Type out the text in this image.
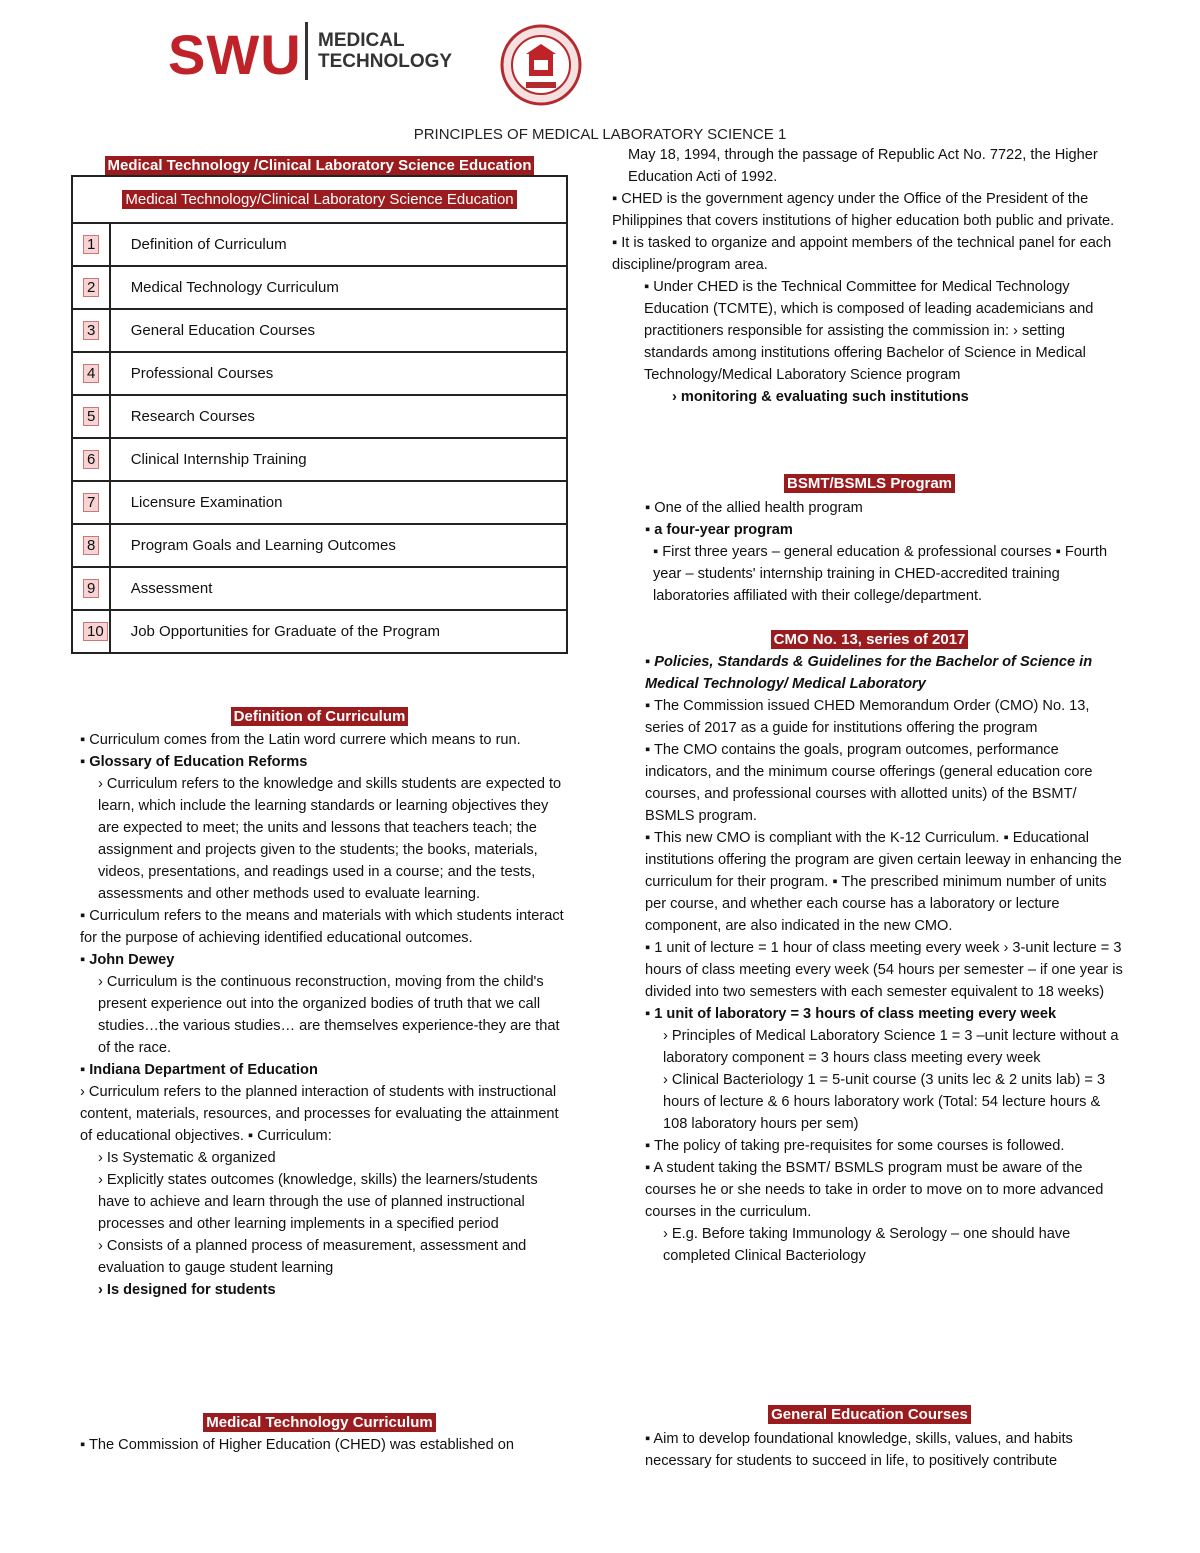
SWU MEDICAL
TECHNOLOGY
PRINCIPLES OF MEDICAL LABORATORY SCIENCE 1
Medical Technology /Clinical Laboratory Science Education
Medical Technology/Clinical Laboratory Science Education	
1	Definition of Curriculum
2	Medical Technology Curriculum
3	General Education Courses
4	Professional Courses
5	Research Courses
6	Clinical Internship Training
7	Licensure Examination
8	Program Goals and Learning Outcomes
9	Assessment
10	Job Opportunities for Graduate of the Program
Definition of Curriculum

▪ Curriculum comes from the Latin word currere which means to run.

▪ Glossary of Education Reforms

› Curriculum refers to the knowledge and skills students are expected to learn, which include the learning standards or learning objectives they are expected to meet; the units and lessons that teachers teach; the assignment and projects given to the students; the books, materials, videos, presentations, and readings used in a course; and the tests, assessments and other methods used to evaluate learning.

▪ Curriculum refers to the means and materials with which students interact for the purpose of achieving identified educational outcomes.

▪ John Dewey

› Curriculum is the continuous reconstruction, moving from the child's present experience out into the organized bodies of truth that we call studies…the various studies… are themselves experience-they are that of the race.

▪ Indiana Department of Education

› Curriculum refers to the planned interaction of students with instructional content, materials, resources, and processes for evaluating the attainment of educational objectives. ▪ Curriculum:

› Is Systematic & organized

› Explicitly states outcomes (knowledge, skills) the learners/students have to achieve and learn through the use of planned instructional processes and other learning implements in a specified period

› Consists of a planned process of measurement, assessment and evaluation to gauge student learning

› Is designed for students

Medical Technology Curriculum

▪ The Commission of Higher Education (CHED) was established on

May 18, 1994, through the passage of Republic Act No. 7722, the Higher Education Acti of 1992.

▪ CHED is the government agency under the Office of the President of the Philippines that covers institutions of higher education both public and private.

▪ It is tasked to organize and appoint members of the technical panel for each discipline/program area.

▪ Under CHED is the Technical Committee for Medical Technology Education (TCMTE), which is composed of leading academicians and practitioners responsible for assisting the commission in: › setting standards among institutions offering Bachelor of Science in Medical Technology/Medical Laboratory Science program

› monitoring & evaluating such institutions

BSMT/BSMLS Program

▪ One of the allied health program

▪ a four-year program

▪ First three years – general education & professional courses ▪ Fourth year – students' internship training in CHED-accredited training laboratories affiliated with their college/department.

CMO No. 13, series of 2017

▪ Policies, Standards & Guidelines for the Bachelor of Science in Medical Technology/ Medical Laboratory

▪ The Commission issued CHED Memorandum Order (CMO) No. 13, series of 2017 as a guide for institutions offering the program

▪ The CMO contains the goals, program outcomes, performance indicators, and the minimum course offerings (general education core courses, and professional courses with allotted units) of the BSMT/ BSMLS program.

▪ This new CMO is compliant with the K-12 Curriculum. ▪ Educational institutions offering the program are given certain leeway in enhancing the curriculum for their program. ▪ The prescribed minimum number of units per course, and whether each course has a laboratory or lecture component, are also indicated in the new CMO.

▪ 1 unit of lecture = 1 hour of class meeting every week › 3-unit lecture = 3 hours of class meeting every week (54 hours per semester – if one year is divided into two semesters with each semester equivalent to 18 weeks)

▪ 1 unit of laboratory = 3 hours of class meeting every week

› Principles of Medical Laboratory Science 1 = 3 –unit lecture without a laboratory component = 3 hours class meeting every week

› Clinical Bacteriology 1 = 5-unit course (3 units lec & 2 units lab) = 3 hours of lecture & 6 hours laboratory work (Total: 54 lecture hours & 108 laboratory hours per sem)

▪ The policy of taking pre-requisites for some courses is followed.

▪ A student taking the BSMT/ BSMLS program must be aware of the courses he or she needs to take in order to move on to more advanced courses in the curriculum.

› E.g. Before taking Immunology & Serology – one should have completed Clinical Bacteriology

General Education Courses

▪ Aim to develop foundational knowledge, skills, values, and habits necessary for students to succeed in life, to positively contribute
